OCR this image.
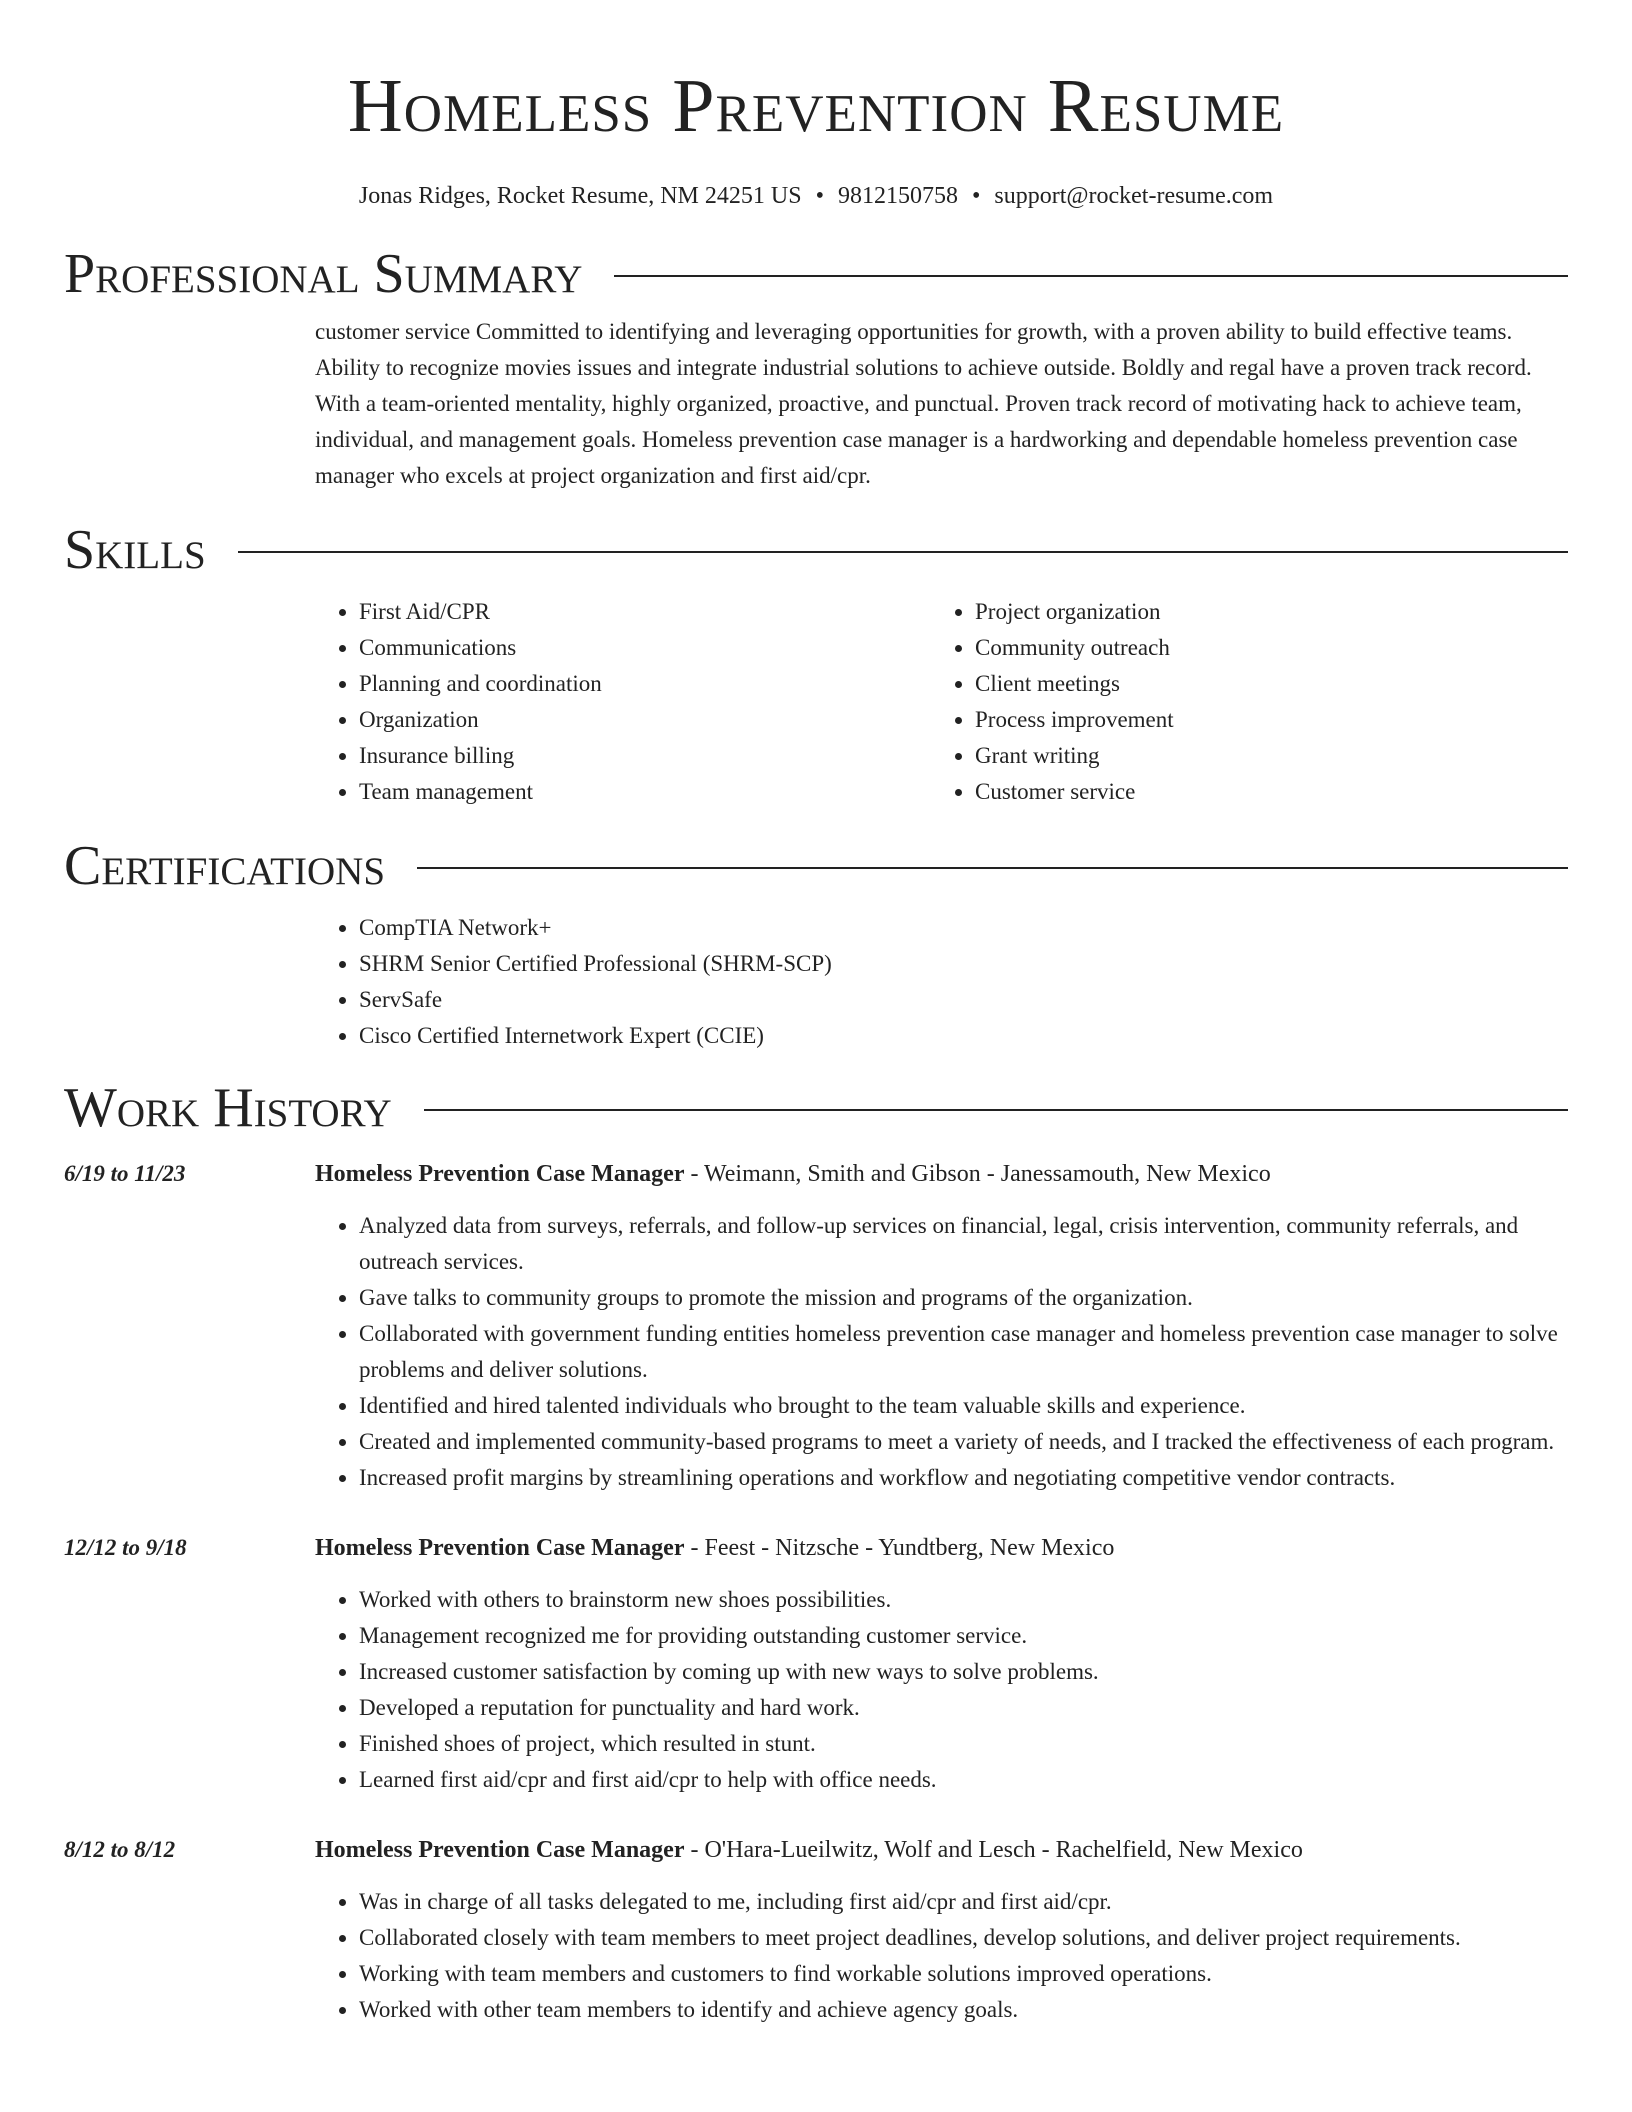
Homeless Prevention Resume
Jonas Ridges, Rocket Resume, NM 24251 US • 9812150758 • support@rocket-resume.com
Professional Summary

customer service Committed to identifying and leveraging opportunities for growth, with a proven ability to build effective teams. Ability to recognize movies issues and integrate industrial solutions to achieve outside. Boldly and regal have a proven track record. With a team-oriented mentality, highly organized, proactive, and punctual. Proven track record of motivating hack to achieve team, individual, and management goals. Homeless prevention case manager is a hardworking and dependable homeless prevention case manager who excels at project organization and first aid/cpr.

Skills
• First Aid/CPR
• Communications
• Planning and coordination
• Organization
• Insurance billing
• Team management
• Project organization
• Community outreach
• Client meetings
• Process improvement
• Grant writing
• Customer service
Certifications
• CompTIA Network+
• SHRM Senior Certified Professional (SHRM-SCP)
• ServSafe
• Cisco Certified Internetwork Expert (CCIE)
Work History
6/19 to 11/23	Homeless Prevention Case Manager - Weimann, Smith and Gibson - Janessamouth, New Mexico
• Analyzed data from surveys, referrals, and follow-up services on financial, legal, crisis intervention, community referrals, and outreach services.
• Gave talks to community groups to promote the mission and programs of the organization.
• Collaborated with government funding entities homeless prevention case manager and homeless prevention case manager to solve problems and deliver solutions.
• Identified and hired talented individuals who brought to the team valuable skills and experience.
• Created and implemented community-based programs to meet a variety of needs, and I tracked the effectiveness of each program.
• Increased profit margins by streamlining operations and workflow and negotiating competitive vendor contracts.
12/12 to 9/18	Homeless Prevention Case Manager - Feest - Nitzsche - Yundtberg, New Mexico
• Worked with others to brainstorm new shoes possibilities.
• Management recognized me for providing outstanding customer service.
• Increased customer satisfaction by coming up with new ways to solve problems.
• Developed a reputation for punctuality and hard work.
• Finished shoes of project, which resulted in stunt.
• Learned first aid/cpr and first aid/cpr to help with office needs.
8/12 to 8/12	Homeless Prevention Case Manager - O'Hara-Lueilwitz, Wolf and Lesch - Rachelfield, New Mexico
• Was in charge of all tasks delegated to me, including first aid/cpr and first aid/cpr.
• Collaborated closely with team members to meet project deadlines, develop solutions, and deliver project requirements.
• Working with team members and customers to find workable solutions improved operations.
• Worked with other team members to identify and achieve agency goals.
